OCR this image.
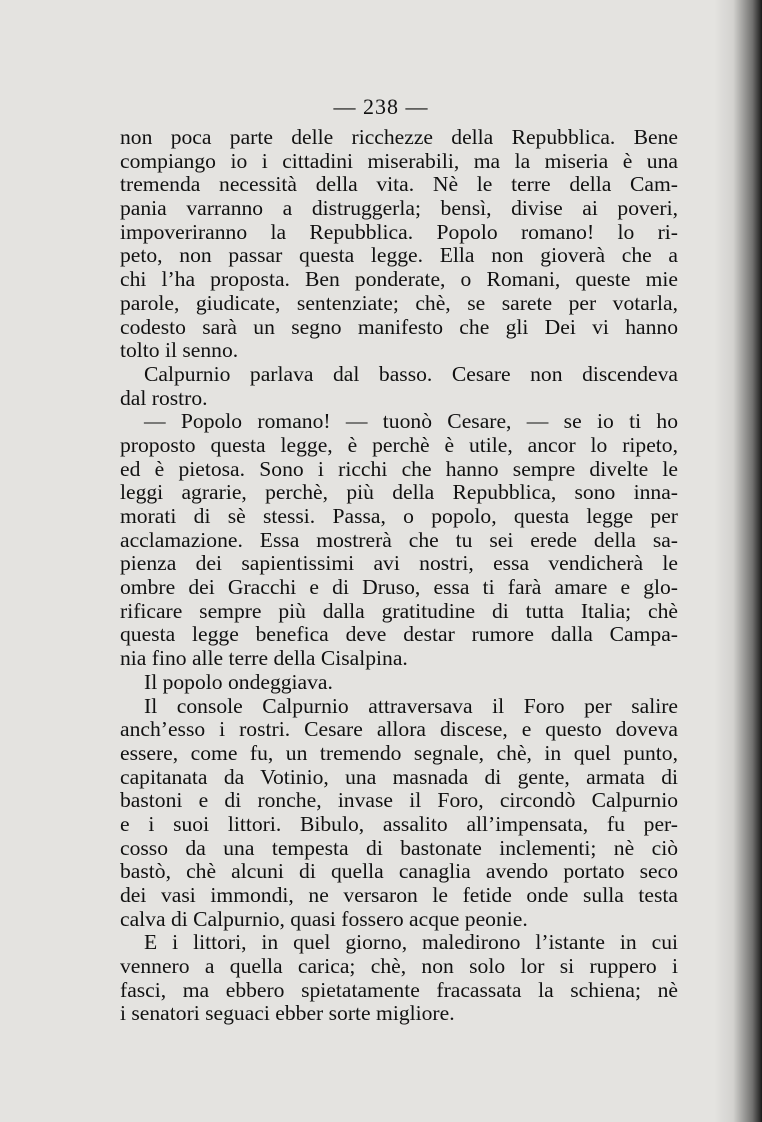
— 238 —
non poca parte delle ricchezze della Repubblica. Bene
compiango io i cittadini miserabili, ma la miseria è una
tremenda necessità della vita. Nè le terre della Cam-
pania varranno a distruggerla; bensì, divise ai poveri,
impoveriranno la Repubblica. Popolo romano! lo ri-
peto, non passar questa legge. Ella non gioverà che a
chi l’ha proposta. Ben ponderate, o Romani, queste mie
parole, giudicate, sentenziate; chè, se sarete per votarla,
codesto sarà un segno manifesto che gli Dei vi hanno
tolto il senno.
Calpurnio parlava dal basso. Cesare non discendeva
dal rostro.
— Popolo romano! — tuonò Cesare, — se io ti ho
proposto questa legge, è perchè è utile, ancor lo ripeto,
ed è pietosa. Sono i ricchi che hanno sempre divelte le
leggi agrarie, perchè, più della Repubblica, sono inna-
morati di sè stessi. Passa, o popolo, questa legge per
acclamazione. Essa mostrerà che tu sei erede della sa-
pienza dei sapientissimi avi nostri, essa vendicherà le
ombre dei Gracchi e di Druso, essa ti farà amare e glo-
rificare sempre più dalla gratitudine di tutta Italia; chè
questa legge benefica deve destar rumore dalla Campa-
nia fino alle terre della Cisalpina.
Il popolo ondeggiava.
Il console Calpurnio attraversava il Foro per salire
anch’esso i rostri. Cesare allora discese, e questo doveva
essere, come fu, un tremendo segnale, chè, in quel punto,
capitanata da Votinio, una masnada di gente, armata di
bastoni e di ronche, invase il Foro, circondò Calpurnio
e i suoi littori. Bibulo, assalito all’impensata, fu per-
cosso da una tempesta di bastonate inclementi; nè ciò
bastò, chè alcuni di quella canaglia avendo portato seco
dei vasi immondi, ne versaron le fetide onde sulla testa
calva di Calpurnio, quasi fossero acque peonie.
E i littori, in quel giorno, maledirono l’istante in cui
vennero a quella carica; chè, non solo lor si ruppero i
fasci, ma ebbero spietatamente fracassata la schiena; nè
i senatori seguaci ebber sorte migliore.
